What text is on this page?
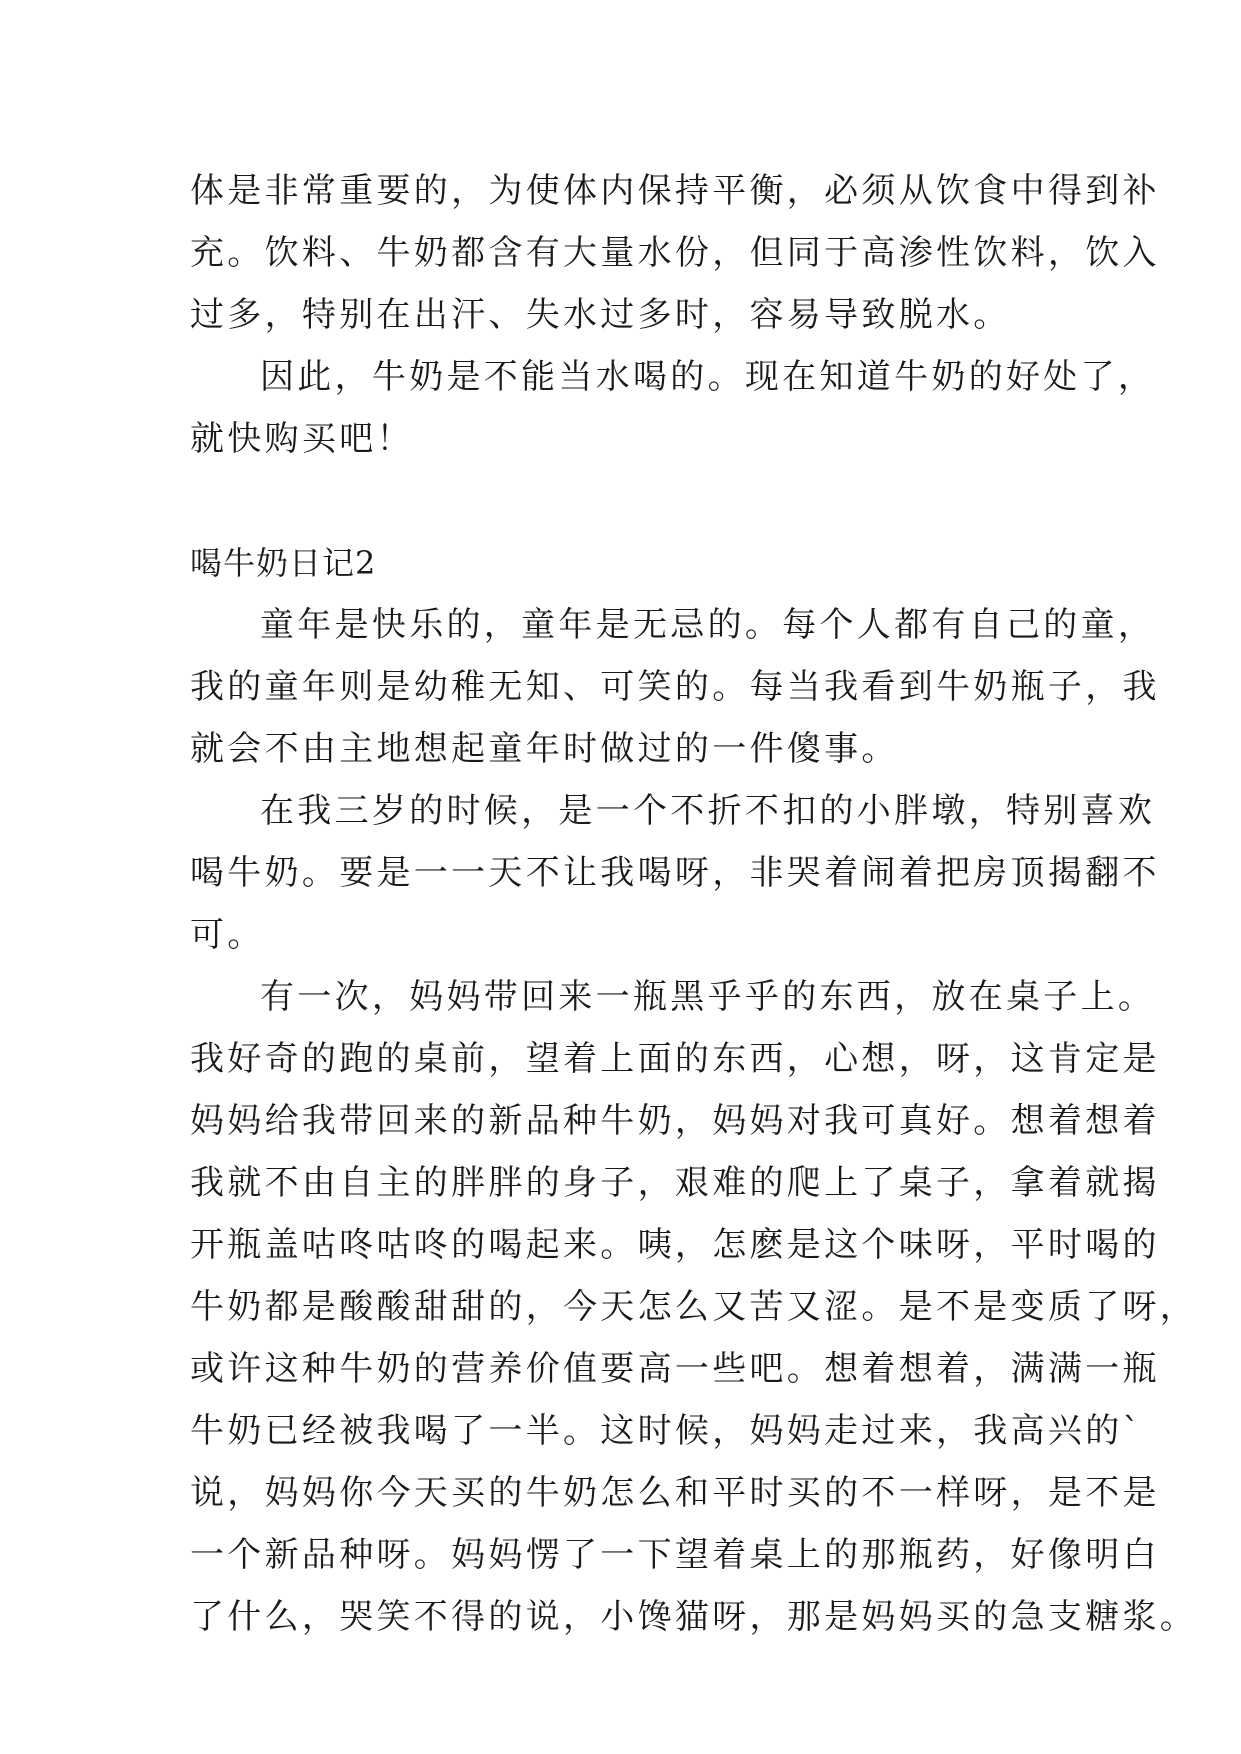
体是非常重要的，为使体内保持平衡，必须从饮食中得到补
充。饮料、牛奶都含有大量水份，但同于高渗性饮料，饮入
过多，特别在出汗、失水过多时，容易导致脱水。
因此，牛奶是不能当水喝的。现在知道牛奶的好处了，
就快购买吧！
喝牛奶日记2
童年是快乐的，童年是无忌的。每个人都有自己的童，
我的童年则是幼稚无知、可笑的。每当我看到牛奶瓶子，我
就会不由主地想起童年时做过的一件傻事。
在我三岁的时候，是一个不折不扣的小胖墩，特别喜欢
喝牛奶。要是一一天不让我喝呀，非哭着闹着把房顶揭翻不
可。
有一次，妈妈带回来一瓶黑乎乎的东西，放在桌子上。
我好奇的跑的桌前，望着上面的东西，心想，呀，这肯定是
妈妈给我带回来的新品种牛奶，妈妈对我可真好。想着想着
我就不由自主的胖胖的身子，艰难的爬上了桌子，拿着就揭
开瓶盖咕咚咕咚的喝起来。咦，怎麽是这个味呀，平时喝的
牛奶都是酸酸甜甜的，今天怎么又苦又涩。是不是变质了呀，
或许这种牛奶的营养价值要高一些吧。想着想着，满满一瓶
牛奶已经被我喝了一半。这时候，妈妈走过来，我高兴的`
说，妈妈你今天买的牛奶怎么和平时买的不一样呀，是不是
一个新品种呀。妈妈愣了一下望着桌上的那瓶药，好像明白
了什么，哭笑不得的说，小馋猫呀，那是妈妈买的急支糖浆。
